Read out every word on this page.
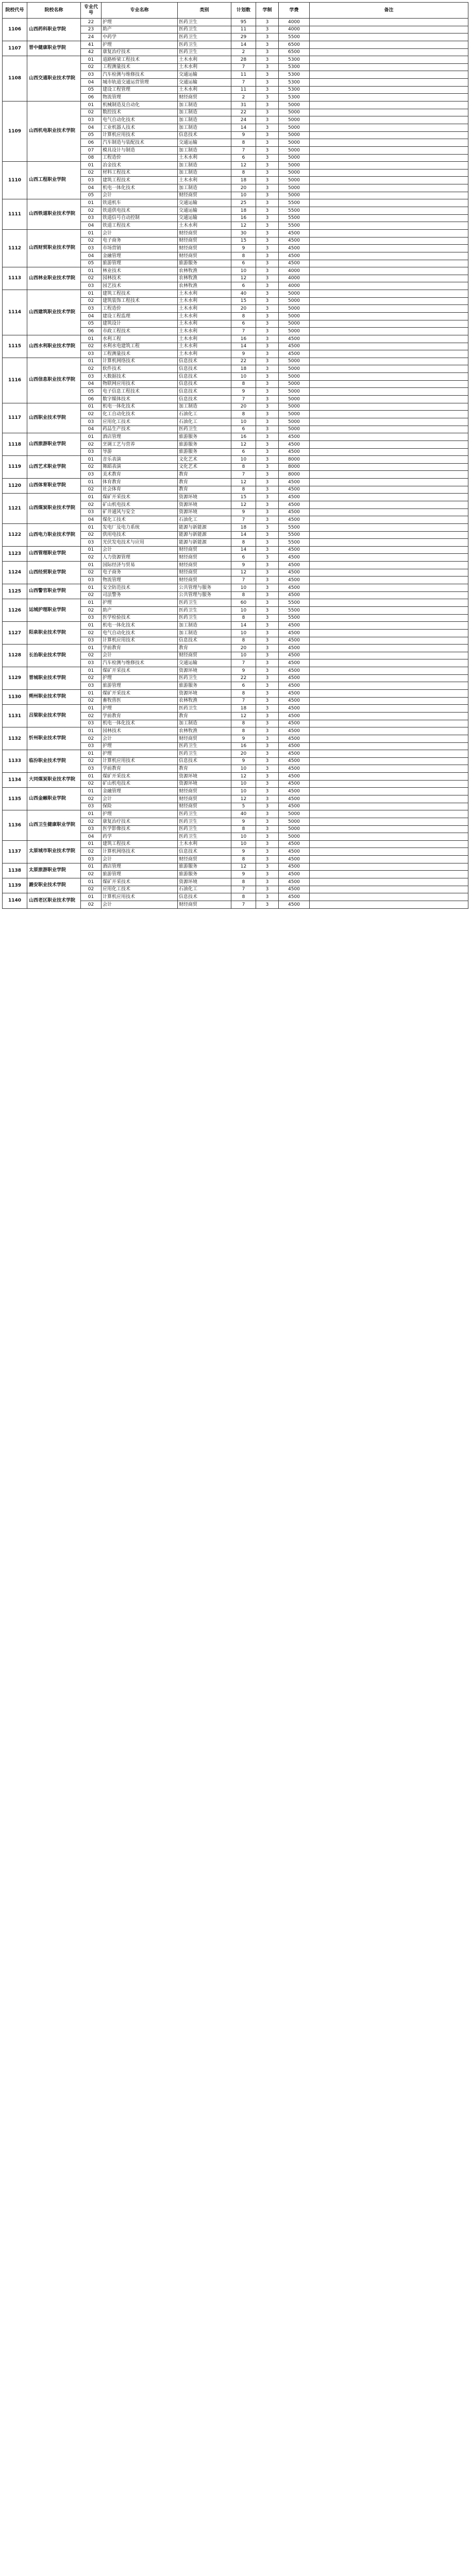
院校代号	院校名称	专业代号	专业名称	类别	计划数	学制	学费	备注
1106	山西药科职业学院	22	护理	医药卫生	95	3	4000	
		23	助产	医药卫生	11	3	4000	
		24	中药学	医药卫生	29	3	5500	
1107	晋中健康职业学院	41	护理	医药卫生	14	3	6500	
		42	康复治疗技术	医药卫生	2	3	6500	
1108	山西交通职业技术学院	01	道路桥梁工程技术	土木水利	28	3	5300	
		02	工程测量技术	土木水利	7	3	5300	
		03	汽车检测与维修技术	交通运输	11	3	5300	
		04	城市轨道交通运营管理	交通运输	7	3	5300	
		05	建设工程管理	土木水利	11	3	5300	
		06	物流管理	财经商贸	2	3	5300	
1109	山西机电职业技术学院	01	机械制造及自动化	加工制造	31	3	5000	
		02	数控技术	加工制造	22	3	5000	
		03	电气自动化技术	加工制造	24	3	5000	
		04	工业机器人技术	加工制造	14	3	5000	
		05	计算机应用技术	信息技术	9	3	5000	
		06	汽车制造与装配技术	交通运输	8	3	5000	
		07	模具设计与制造	加工制造	7	3	5000	
		08	工程造价	土木水利	6	3	5000	
1110	山西工程职业学院	01	冶金技术	加工制造	12	3	5000	
		02	材料工程技术	加工制造	8	3	5000	
		03	建筑工程技术	土木水利	18	3	5000	
		04	机电一体化技术	加工制造	20	3	5000	
		05	会计	财经商贸	10	3	5000	
1111	山西铁道职业技术学院	01	铁道机车	交通运输	25	3	5500	
		02	铁道供电技术	交通运输	18	3	5500	
		03	铁道信号自动控制	交通运输	16	3	5500	
		04	铁道工程技术	土木水利	12	3	5500	
1112	山西财贸职业技术学院	01	会计	财经商贸	30	3	4500	
		02	电子商务	财经商贸	15	3	4500	
		03	市场营销	财经商贸	9	3	4500	
		04	金融管理	财经商贸	8	3	4500	
		05	旅游管理	旅游服务	6	3	4500	
1113	山西林业职业技术学院	01	林业技术	农林牧渔	10	3	4000	
		02	园林技术	农林牧渔	12	3	4000	
		03	园艺技术	农林牧渔	6	3	4000	
1114	山西建筑职业技术学院	01	建筑工程技术	土木水利	40	3	5000	
		02	建筑装饰工程技术	土木水利	15	3	5000	
		03	工程造价	土木水利	20	3	5000	
		04	建设工程监理	土木水利	8	3	5000	
		05	建筑设计	土木水利	6	3	5000	
		06	市政工程技术	土木水利	7	3	5000	
1115	山西水利职业技术学院	01	水利工程	土木水利	16	3	4500	
		02	水利水电建筑工程	土木水利	14	3	4500	
		03	工程测量技术	土木水利	9	3	4500	
1116	山西信息职业技术学院	01	计算机网络技术	信息技术	22	3	5000	
		02	软件技术	信息技术	18	3	5000	
		03	大数据技术	信息技术	10	3	5000	
		04	物联网应用技术	信息技术	8	3	5000	
		05	电子信息工程技术	信息技术	9	3	5000	
		06	数字媒体技术	信息技术	7	3	5000	
1117	山西职业技术学院	01	机电一体化技术	加工制造	20	3	5000	
		02	化工自动化技术	石油化工	8	3	5000	
		03	应用化工技术	石油化工	10	3	5000	
		04	药品生产技术	医药卫生	6	3	5000	
1118	山西旅游职业学院	01	酒店管理	旅游服务	16	3	4500	
		02	烹调工艺与营养	旅游服务	12	3	4500	
		03	导游	旅游服务	6	3	4500	
1119	山西艺术职业学院	01	音乐表演	文化艺术	10	3	8000	
		02	舞蹈表演	文化艺术	8	3	8000	
		03	美术教育	教育	7	3	8000	
1120	山西体育职业学院	01	体育教育	教育	12	3	4500	
		02	社会体育	教育	8	3	4500	
1121	山西煤炭职业技术学院	01	煤矿开采技术	资源环境	15	3	4500	
		02	矿山机电技术	资源环境	12	3	4500	
		03	矿井通风与安全	资源环境	9	3	4500	
		04	煤化工技术	石油化工	7	3	4500	
1122	山西电力职业技术学院	01	发电厂及电力系统	能源与新能源	18	3	5500	
		02	供用电技术	能源与新能源	14	3	5500	
		03	光伏发电技术与应用	能源与新能源	8	3	5500	
1123	山西管理职业学院	01	会计	财经商贸	14	3	4500	
		02	人力资源管理	财经商贸	6	3	4500	
1124	山西经贸职业学院	01	国际经济与贸易	财经商贸	9	3	4500	
		02	电子商务	财经商贸	12	3	4500	
		03	物流管理	财经商贸	7	3	4500	
1125	山西警官职业学院	01	安全防范技术	公共管理与服务	10	3	4500	
		02	司法警务	公共管理与服务	8	3	4500	
1126	运城护理职业学院	01	护理	医药卫生	60	3	5500	
		02	助产	医药卫生	10	3	5500	
		03	医学检验技术	医药卫生	8	3	5500	
1127	阳泉职业技术学院	01	机电一体化技术	加工制造	14	3	4500	
		02	电气自动化技术	加工制造	10	3	4500	
		03	计算机应用技术	信息技术	8	3	4500	
1128	长治职业技术学院	01	学前教育	教育	20	3	4500	
		02	会计	财经商贸	10	3	4500	
		03	汽车检测与维修技术	交通运输	7	3	4500	
1129	晋城职业技术学院	01	煤矿开采技术	资源环境	9	3	4500	
		02	护理	医药卫生	22	3	4500	
		03	旅游管理	旅游服务	6	3	4500	
1130	朔州职业技术学院	01	煤矿开采技术	资源环境	8	3	4500	
		02	畜牧兽医	农林牧渔	7	3	4500	
1131	吕梁职业技术学院	01	护理	医药卫生	18	3	4500	
		02	学前教育	教育	12	3	4500	
		03	机电一体化技术	加工制造	8	3	4500	
1132	忻州职业技术学院	01	园林技术	农林牧渔	8	3	4500	
		02	会计	财经商贸	9	3	4500	
		03	护理	医药卫生	16	3	4500	
1133	临汾职业技术学院	01	护理	医药卫生	20	3	4500	
		02	计算机应用技术	信息技术	9	3	4500	
		03	学前教育	教育	10	3	4500	
1134	大同煤炭职业技术学院	01	煤矿开采技术	资源环境	12	3	4500	
		02	矿山机电技术	资源环境	10	3	4500	
1135	山西金融职业学院	01	金融管理	财经商贸	10	3	4500	
		02	会计	财经商贸	12	3	4500	
		03	保险	财经商贸	5	3	4500	
1136	山西卫生健康职业学院	01	护理	医药卫生	40	3	5000	
		02	康复治疗技术	医药卫生	9	3	5000	
		03	医学影像技术	医药卫生	8	3	5000	
		04	药学	医药卫生	10	3	5000	
1137	太原城市职业技术学院	01	建筑工程技术	土木水利	10	3	4500	
		02	计算机网络技术	信息技术	9	3	4500	
		03	会计	财经商贸	8	3	4500	
1138	太原旅游职业学院	01	酒店管理	旅游服务	12	3	4500	
		02	旅游管理	旅游服务	9	3	4500	
1139	潞安职业技术学院	01	煤矿开采技术	资源环境	8	3	4500	
		02	应用化工技术	石油化工	7	3	4500	
1140	山西老区职业技术学院	01	计算机应用技术	信息技术	8	3	4500	
		02	会计	财经商贸	7	3	4500	
